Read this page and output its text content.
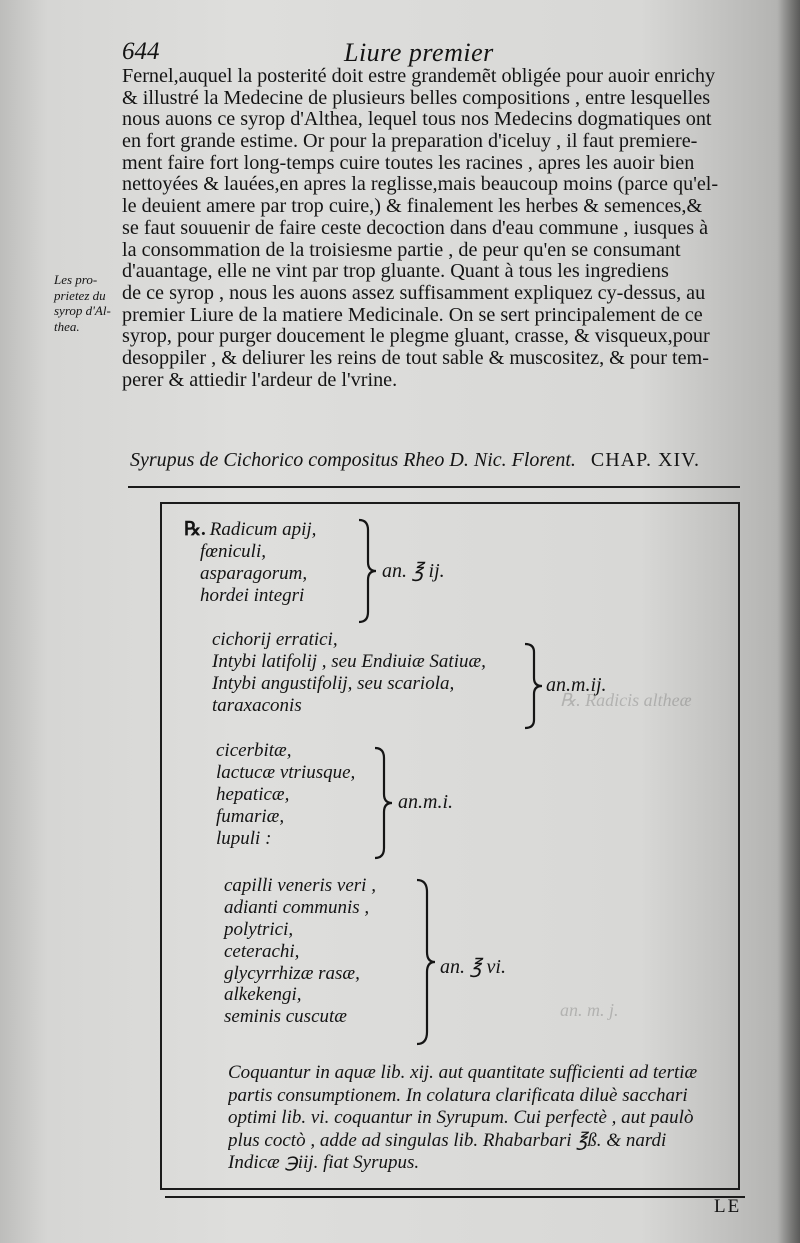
℞. Radicis altheæ
an. m. j.
644	Liure premier
Fernel,auquel la posterité doit estre grandemẽt obligée pour auoir enrichy
& illustré la Medecine de plusieurs belles compositions , entre lesquelles
nous auons ce syrop d'Althea, lequel tous nos Medecins dogmatiques ont
en fort grande estime. Or pour la preparation d'iceluy , il faut premiere-
ment faire fort long-temps cuire toutes les racines , apres les auoir bien
nettoyées & lauées,en apres la reglisse,mais beaucoup moins (parce qu'el-
le deuient amere par trop cuire,) & finalement les herbes & semences,&
se faut souuenir de faire ceste decoction dans d'eau commune , iusques à
la consommation de la troisiesme partie , de peur qu'en se consumant
d'auantage, elle ne vint par trop gluante. Quant à tous les ingrediens
de ce syrop , nous les auons assez suffisamment expliquez cy-dessus, au
premier Liure de la matiere Medicinale. On se sert principalement de ce
syrop, pour purger doucement le plegme gluant, crasse, & visqueux,pour
desoppiler , & deliurer les reins de tout sable & muscositez, & pour tem-
perer & attiedir l'ardeur de l'vrine.
Les pro-
prietez du
syrop d'Al-
thea.
Syrupus de Cichorico compositus Rheo D. Nic. Florent. CHAP. XIV.
℞. Radicum apij,
fœniculi,
asparagorum,
hordei integri
an. ℥ ij.
cichorij erratici,
Intybi latifolij , seu Endiuiæ Satiuæ,
Intybi angustifolij, seu scariola,
taraxaconis
an.m.ij.
cicerbitæ,
lactucæ vtriusque,
hepaticæ,
fumariæ,
lupuli :
an.m.i.
capilli veneris veri ,
adianti communis ,
polytrici,
ceterachi,
glycyrrhizæ rasæ,
alkekengi,
seminis cuscutæ
an. ℥ vi.
Coquantur in aquæ lib. xij. aut quantitate sufficienti ad tertiæ
partis consumptionem. In colatura clarificata diluè sacchari
optimi lib. vi. coquantur in Syrupum. Cui perfectè , aut paulò
plus coctò , adde ad singulas lib. Rhabarbari ℥ß. & nardi
Indicæ ℈iij. fiat Syrupus.
LE
